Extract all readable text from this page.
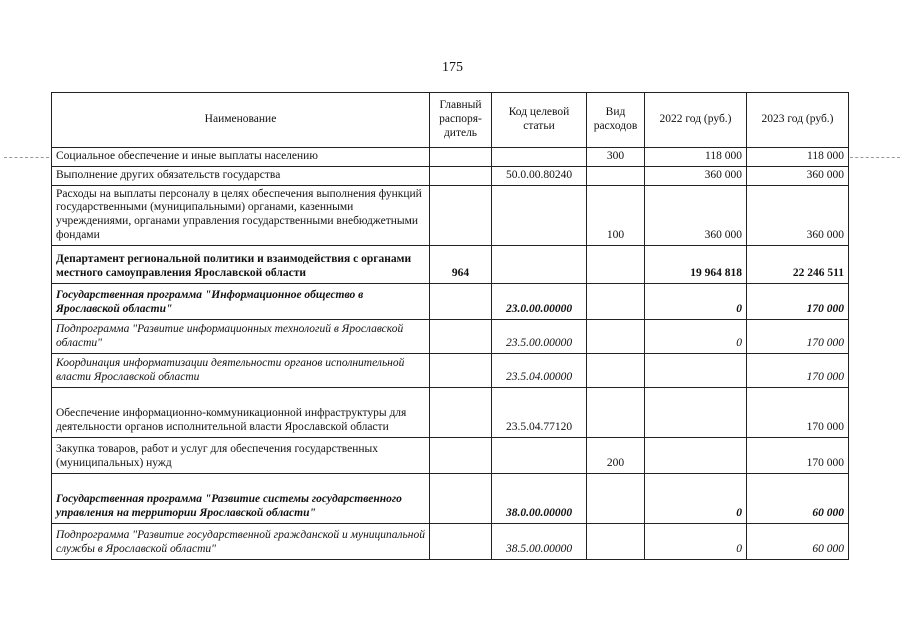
175
Наименование	Главный распоря-дитель	Код целевой статьи	Вид расходов	2022 год (руб.)	2023 год (руб.)
Социальное обеспечение и иные выплаты населению			300	118 000	118 000
Выполнение других обязательств государства		50.0.00.80240		360 000	360 000
Расходы на выплаты персоналу в целях обеспечения выполнения функций государственными (муниципальными) органами, казенными учреждениями, органами управления государственными внебюджетными фондами			100	360 000	360 000
Департамент региональной политики и взаимодействия с органами местного самоуправления Ярославской области	964			19 964 818	22 246 511
Государственная программа "Информационное общество в Ярославской области"		23.0.00.00000		0	170 000
Подпрограмма "Развитие информационных технологий в Ярославской области"		23.5.00.00000		0	170 000
Координация информатизации деятельности органов исполнительной власти Ярославской области		23.5.04.00000			170 000
Обеспечение информационно-коммуникационной инфраструктуры для деятельности органов исполнительной власти Ярославской области		23.5.04.77120			170 000
Закупка товаров, работ и услуг для обеспечения государственных (муниципальных) нужд			200		170 000
Государственная программа "Развитие системы государственного управления на территории Ярославской области"		38.0.00.00000		0	60 000
Подпрограмма "Развитие государственной гражданской и муниципальной службы в Ярославской области"		38.5.00.00000		0	60 000
